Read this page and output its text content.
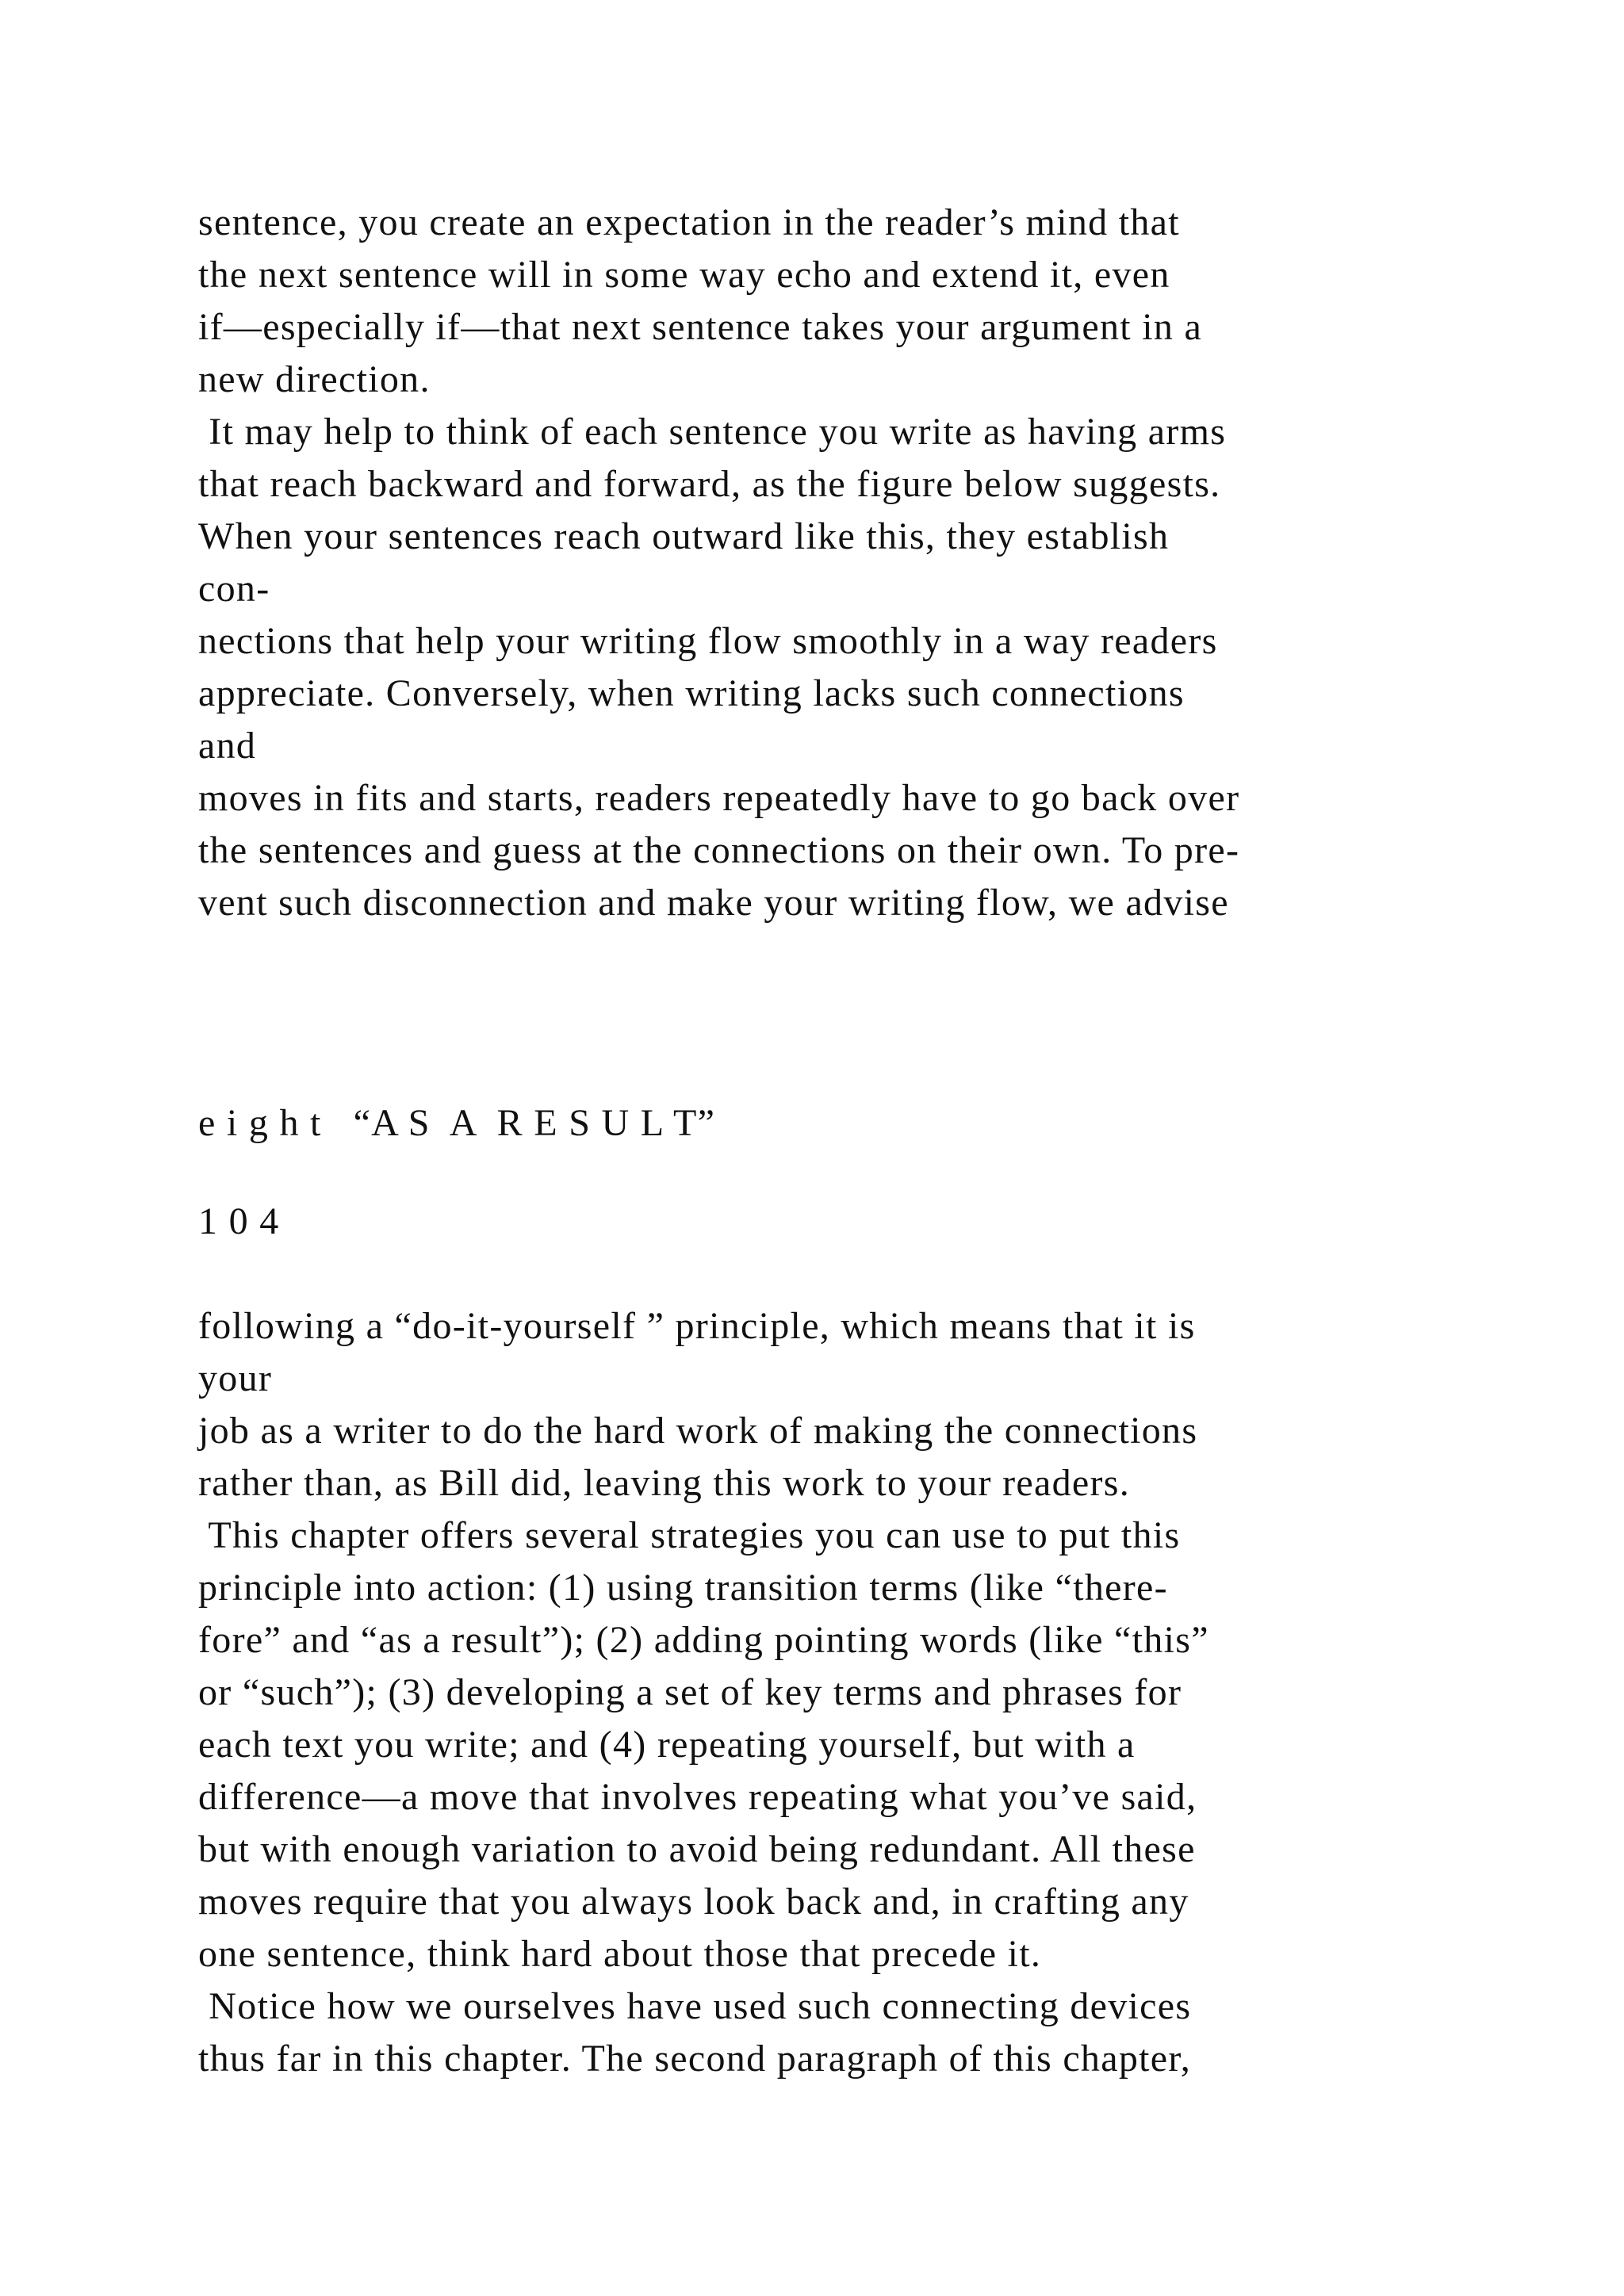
sentence, you create an expectation in the reader’s mind that
the next sentence will in some way echo and extend it, even
if—especially if—that next sentence takes your argument in a
new direction.
It may help to think of each sentence you write as having arms
that reach backward and forward, as the figure below suggests.
When your sentences reach outward like this, they establish
con-
nections that help your writing flow smoothly in a way readers
appreciate. Conversely, when writing lacks such connections
and
moves in fits and starts, readers repeatedly have to go back over
the sentences and guess at the connections on their own. To pre-
vent such disconnection and make your writing flow, we advise
e i g h t   “A S  A  R E S U L T”
1 0 4
following a “do-it-yourself ” principle, which means that it is
your
job as a writer to do the hard work of making the connections
rather than, as Bill did, leaving this work to your readers.
This chapter offers several strategies you can use to put this
principle into action: (1) using transition terms (like “there-
fore” and “as a result”); (2) adding pointing words (like “this”
or “such”); (3) developing a set of key terms and phrases for
each text you write; and (4) repeating yourself, but with a
difference—a move that involves repeating what you’ve said,
but with enough variation to avoid being redundant. All these
moves require that you always look back and, in crafting any
one sentence, think hard about those that precede it.
Notice how we ourselves have used such connecting devices
thus far in this chapter. The second paragraph of this chapter,
